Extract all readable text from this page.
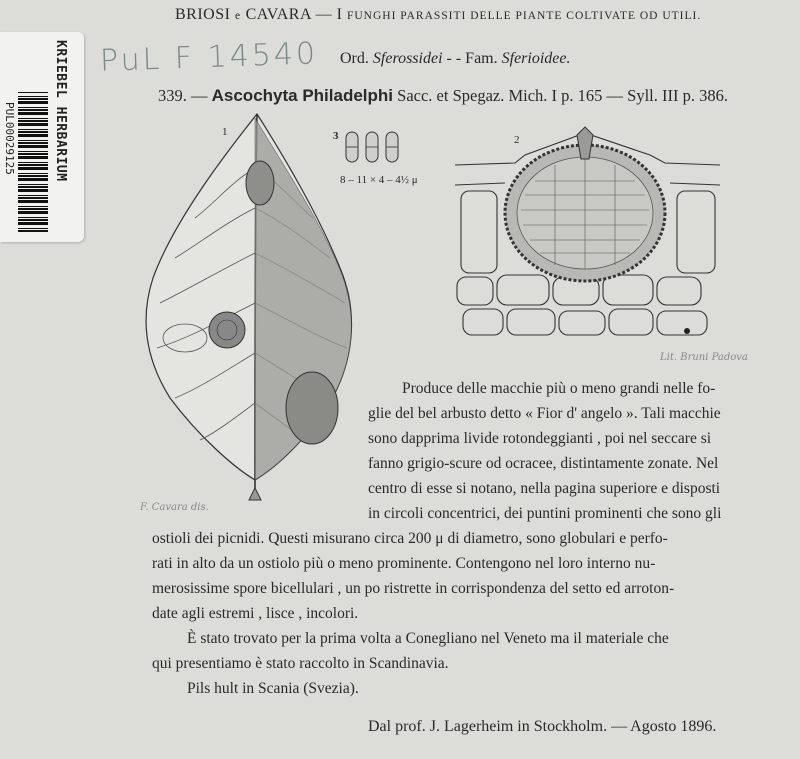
KRIEBEL HERBARIUM
PUL00029125
BRIOSI e CAVARA — I FUNGHI PARASSITI DELLE PIANTE COLTIVATE OD UTILI.
PuL F 14540 Ord. Sferossidei - - Fam. Sferioidee.
339. — Ascochyta Philadelphi Sacc. et Spegaz. Mich. I p. 165 — Syll. III p. 386.
1
F. Cavara dis.
3
8 – 11 × 4 – 4½ μ
2
Lit. Bruni Padova
Produce delle macchie più o meno grandi nelle fo-
glie del bel arbusto detto « Fior d' angelo ». Tali macchie
sono dapprima livide rotondeggianti , poi nel seccare si
fanno grigio-scure od ocracee, distintamente zonate. Nel
centro di esse si notano, nella pagina superiore e disposti
in circoli concentrici, dei puntini prominenti che sono gli
ostioli dei picnidi. Questi misurano circa 200 μ di diametro, sono globulari e perfo-
rati in alto da un ostiolo più o meno prominente. Contengono nel loro interno nu-
merosissime spore bicellulari , un po ristrette in corrispondenza del setto ed arroton-
date agli estremi , lisce , incolori.
È stato trovato per la prima volta a Conegliano nel Veneto ma il materiale che
qui presentiamo è stato raccolto in Scandinavia.
Pils hult in Scania (Svezia).
Dal prof. J. Lagerheim in Stockholm. — Agosto 1896.
